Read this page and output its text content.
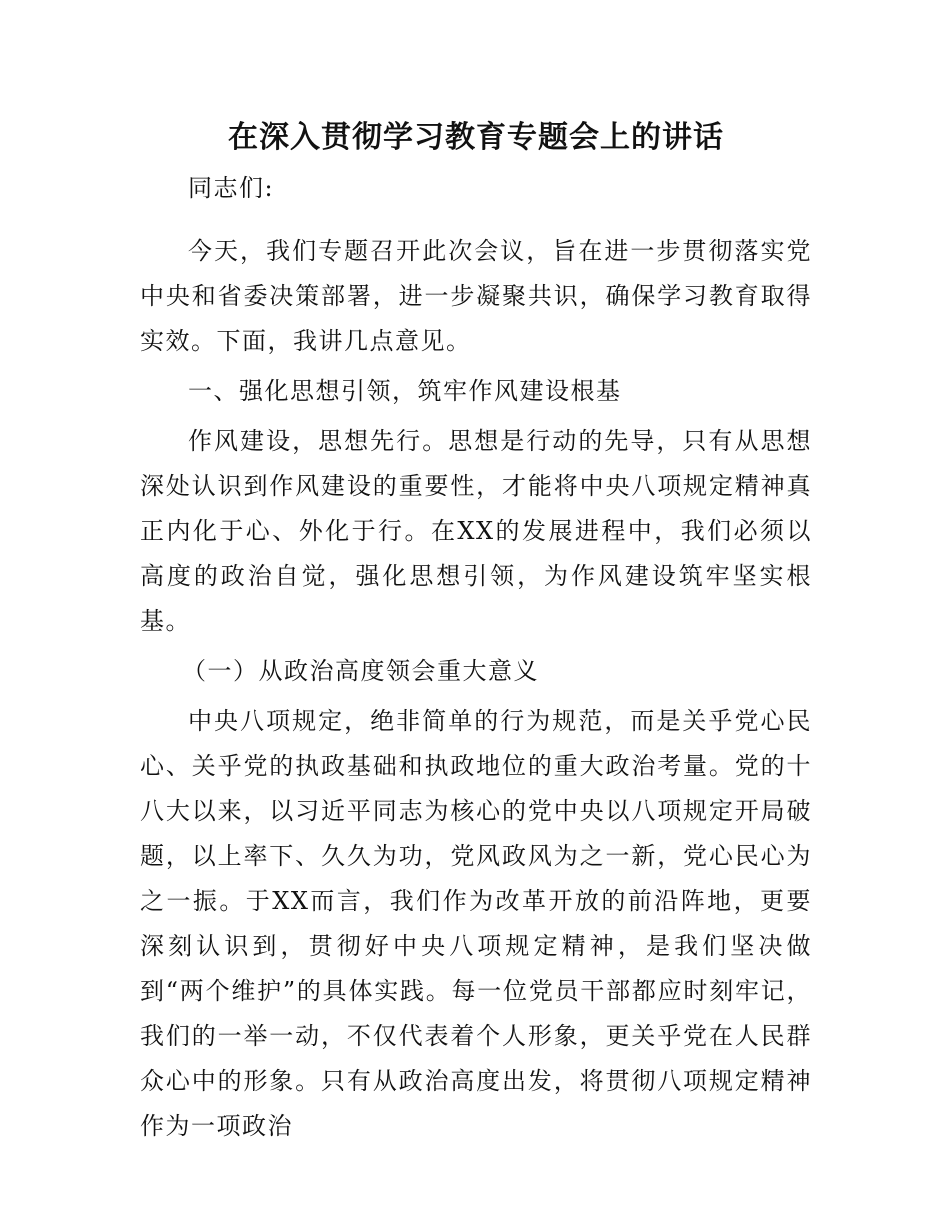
在深入贯彻学习教育专题会上的讲话

同志们:

今天，我们专题召开此次会议，旨在进一步贯彻落实党中央和省委决策部署，进一步凝聚共识，确保学习教育取得实效。下面，我讲几点意见。

一、强化思想引领，筑牢作风建设根基

作风建设，思想先行。思想是行动的先导，只有从思想深处认识到作风建设的重要性，才能将中央八项规定精神真正内化于心、外化于行。在XX的发展进程中，我们必须以高度的政治自觉，强化思想引领，为作风建设筑牢坚实根基。

（一）从政治高度领会重大意义

中央八项规定，绝非简单的行为规范，而是关乎党心民心、关乎党的执政基础和执政地位的重大政治考量。党的十八大以来，以习近平同志为核心的党中央以八项规定开局破题，以上率下、久久为功，党风政风为之一新，党心民心为之一振。于XX而言，我们作为改革开放的前沿阵地，更要深刻认识到，贯彻好中央八项规定精神，是我们坚决做到“两个维护”的具体实践。每一位党员干部都应时刻牢记，我们的一举一动，不仅代表着个人形象，更关乎党在人民群众心中的形象。只有从政治高度出发，将贯彻八项规定精神作为一项政治
